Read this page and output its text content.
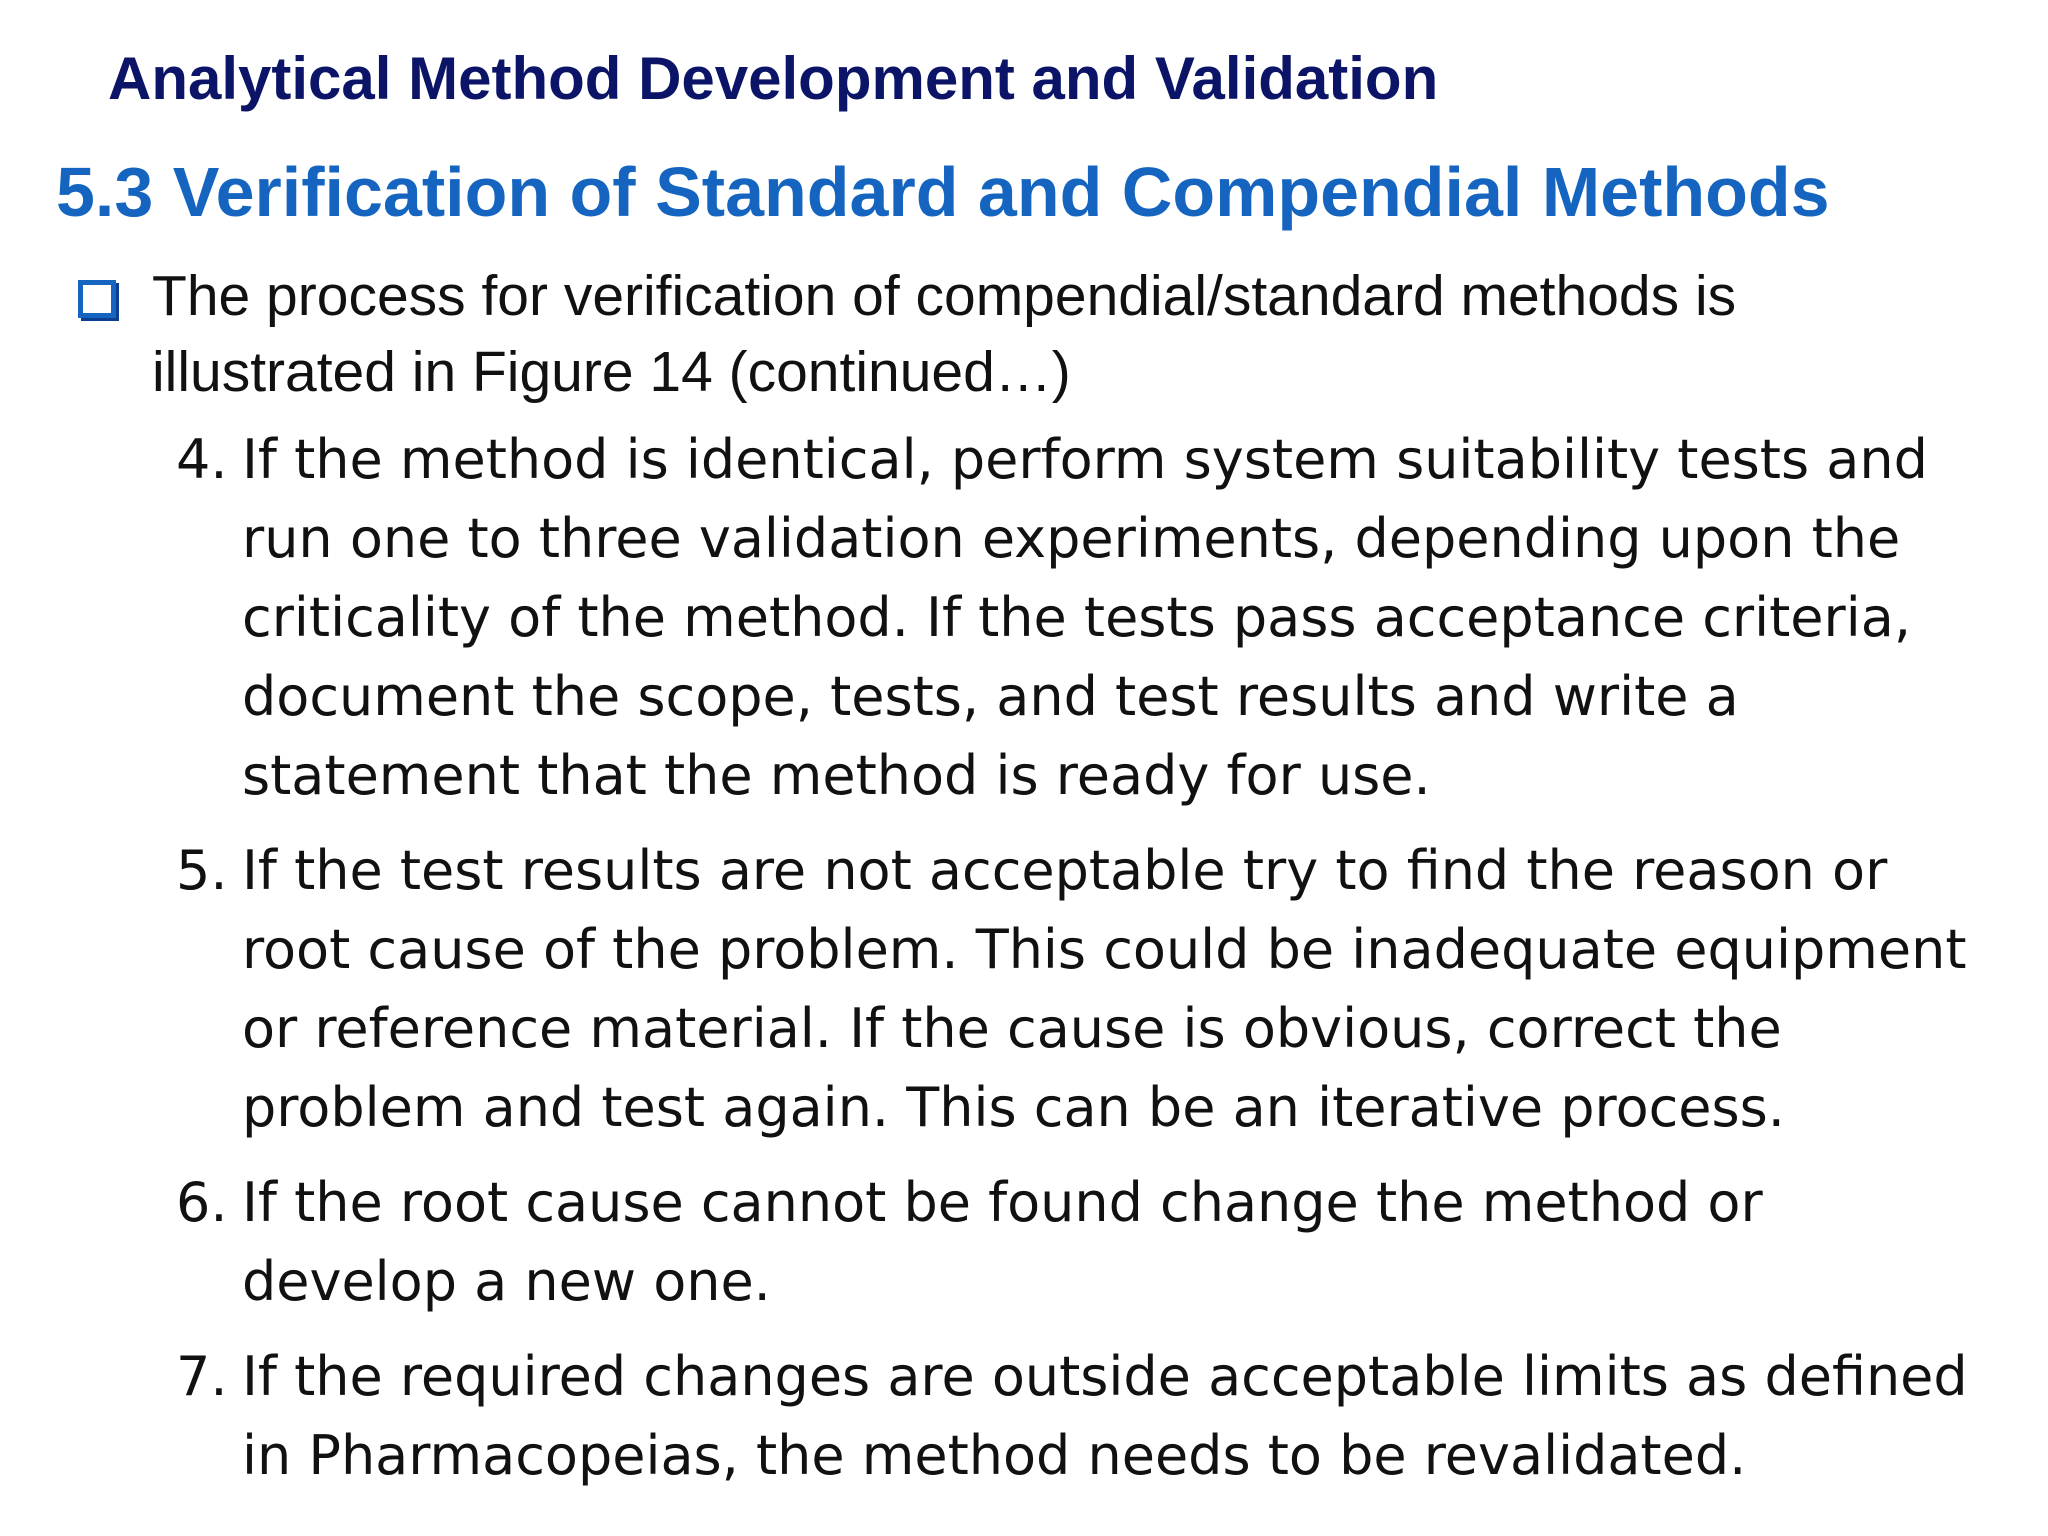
Analytical Method Development and Validation
5.3 Verification of Standard and Compendial Methods
The process for verification of compendial/standard methods is illustrated in Figure 14 (continued…)
4. If the method is identical, perform system suitability tests and run one to three validation experiments, depending upon the criticality of the method. If the tests pass acceptance criteria, document the scope, tests, and test results and write a statement that the method is ready for use.
5. If the test results are not acceptable try to find the reason or root cause of the problem. This could be inadequate equipment or reference material. If the cause is obvious, correct the problem and test again. This can be an iterative process.
6. If the root cause cannot be found change the method or develop a new one.
7. If the required changes are outside acceptable limits as defined in Pharmacopeias, the method needs to be revalidated.
